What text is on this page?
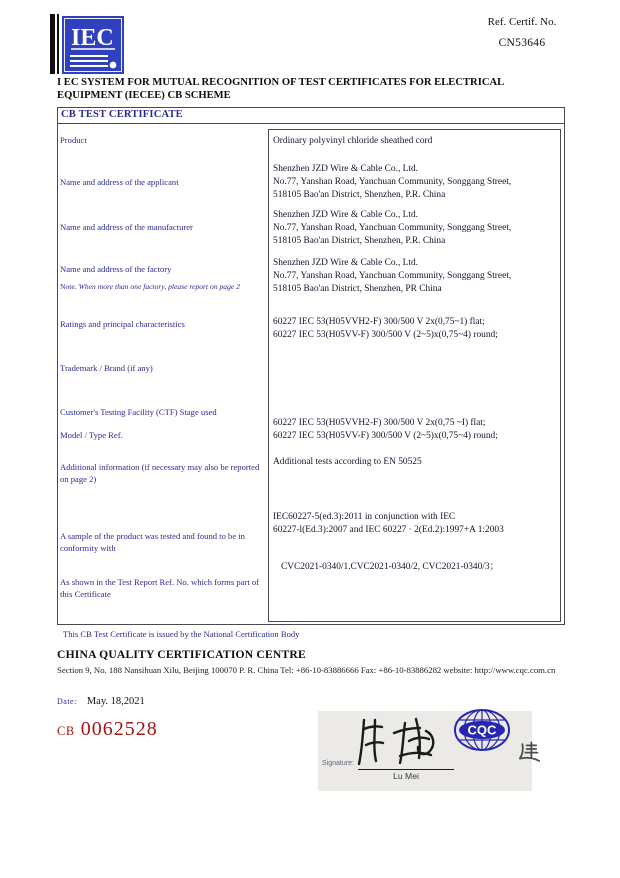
IEC
Ref. Certif. No.
CN53646
I EC SYSTEM FOR MUTUAL RECOGNITION OF TEST CERTIFICATES FOR ELECTRICAL EQUIPMENT (IECEE) CB SCHEME
CB TEST CERTIFICATE
Product
Name and address of the applicant
Name and address of the manufacturer
Name and address of the factory
Note. When more than one factory, please report on page 2
Ratings and principal characteristics
Trademark / Brand (if any)
Customer's Testing Facility (CTF) Stage used
Model / Type Ref.
Additional information (if necessary may also be reported on page 2)
A sample of the product was tested and found to be in conformity with
As shown in the Test Report Ref. No. which forms part of this Certificate
Ordinary polyvinyl chloride sheathed cord
Shenzhen JZD Wire & Cable Co., Ltd.
No.77, Yanshan Road, Yanchuan Community, Songgang Street,
518105 Bao'an District, Shenzhen, P.R. China
Shenzhen JZD Wire & Cable Co., Ltd.
No.77, Yanshan Road, Yanchuan Community, Songgang Street,
518105 Bao'an District, Shenzhen, P.R. China
Shenzhen JZD Wire & Cable Co., Ltd.
No.77, Yanshan Road, Yanchuan Community, Songgang Street,
518105 Bao'an District, Shenzhen, PR China
60227 IEC 53(H05VVH2-F) 300/500 V 2x(0,75~1) flat;
60227 IEC 53(H05VV-F) 300/500 V (2~5)x(0,75~4) round;
60227 IEC 53(H05VVH2-F) 300/500 V 2x(0,75 ~I) flat;
60227 IEC 53(H05VV-F) 300/500 V (2~5)x(0,75~4) round;
Additional tests according to EN 50525
IEC60227-5(ed.3):2011 in conjunction with IEC
60227-l(Ed.3):2007 and IEC 60227 · 2(Ed.2):1997+A 1:2003
CVC2021-0340/1.CVC2021-0340/2, CVC2021-0340/3；
This CB Test Certificate is issued by the National Certification Body
CHINA QUALITY CERTIFICATION CENTRE
Section 9, No. 188 Nansihuan Xilu, Beijing 100070 P. R. China Tel: +86-10-83886666 Fax: +86-10-83886282 website: http://www.cqc.com.cn
Date: May. 18,2021
CB 0062528
Signature:
Lu Mei
CQC
